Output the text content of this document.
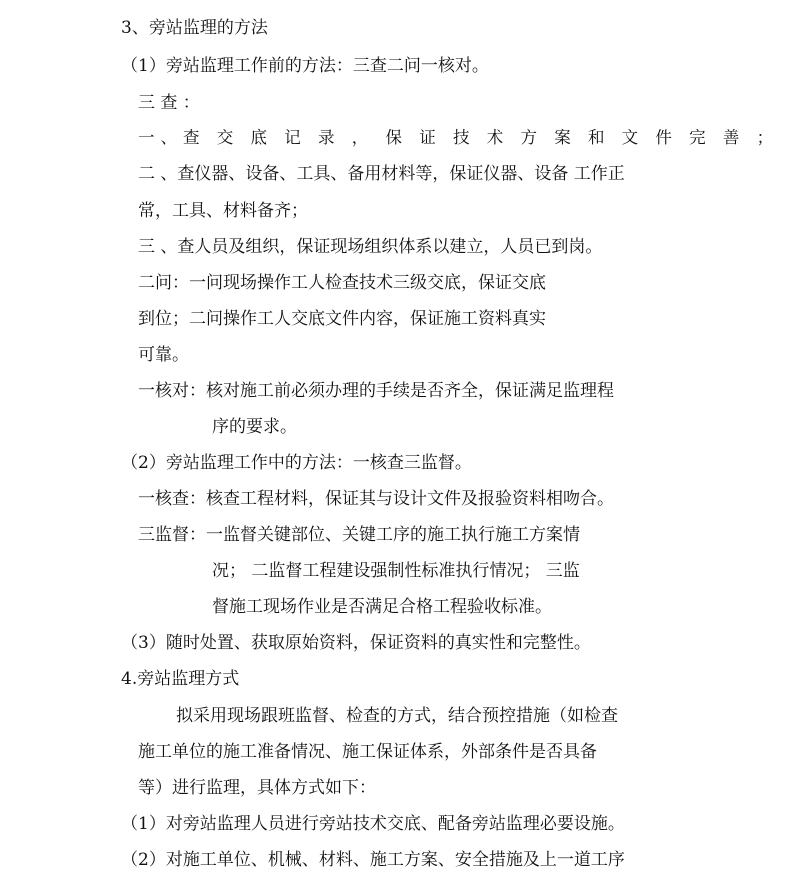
3、旁站监理的方法
（1）旁站监理工作前的方法：三查二问一核对。
三 查 ：
一、查 交 底 记 录 ， 保 证 技 术 方 案 和 文 件 完 善 ；
二 、查仪器、设备、工具、备用材料等，保证仪器、设备 工作正
常，工具、材料备齐；
三 、查人员及组织，保证现场组织体系以建立，人员已到岗。
二问：一问现场操作工人检查技术三级交底，保证交底
到位；二问操作工人交底文件内容，保证施工资料真实
可靠。
一核对：核对施工前必须办理的手续是否齐全，保证满足监理程
序的要求。
（2）旁站监理工作中的方法：一核查三监督。
一核查：核查工程材料，保证其与设计文件及报验资料相吻合。
三监督：一监督关键部位、关键工序的施工执行施工方案情
况； 二监督工程建设强制性标准执行情况； 三监
督施工现场作业是否满足合格工程验收标准。
（3）随时处置、获取原始资料，保证资料的真实性和完整性。
4.旁站监理方式
拟采用现场跟班监督、检查的方式，结合预控措施（如检查
施工单位的施工准备情况、施工保证体系，外部条件是否具备
等）进行监理，具体方式如下：
（1）对旁站监理人员进行旁站技术交底、配备旁站监理必要设施。
（2）对施工单位、机械、材料、施工方案、安全措施及上一道工序
